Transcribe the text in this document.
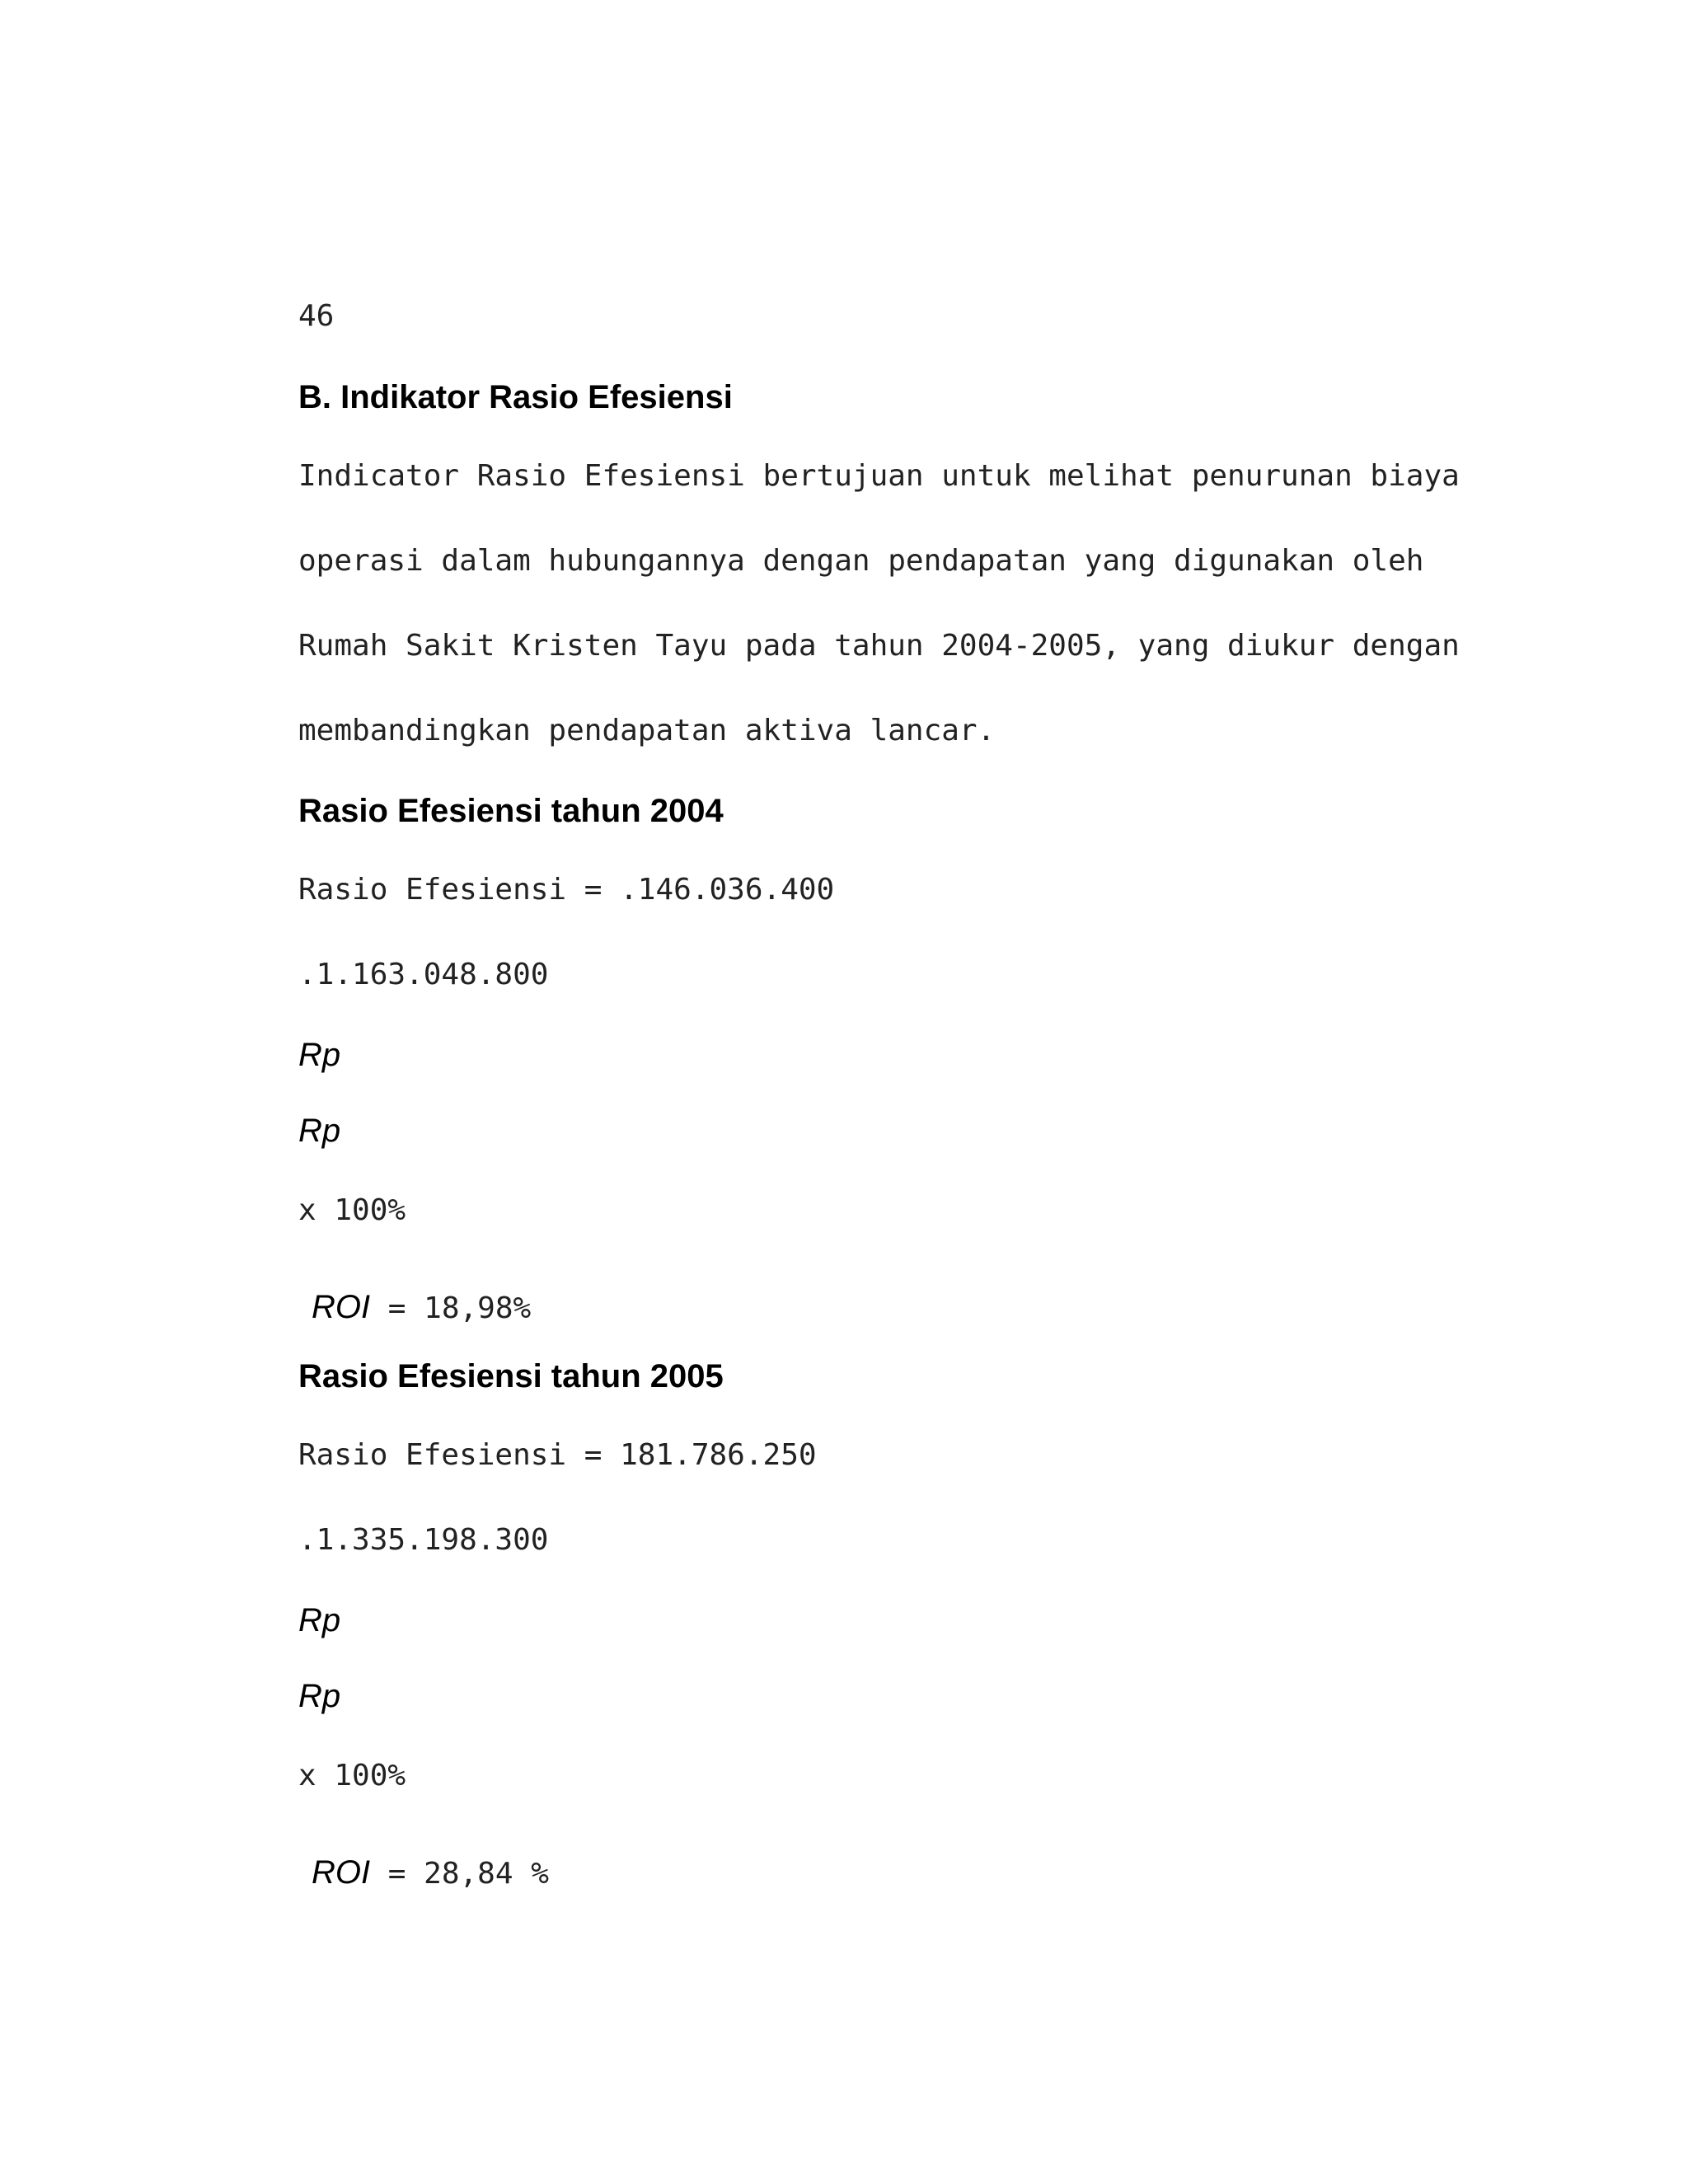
46
B. Indikator Rasio Efesiensi
Indicator Rasio Efesiensi bertujuan untuk melihat penurunan biaya
operasi dalam hubungannya dengan pendapatan yang digunakan oleh
Rumah Sakit Kristen Tayu pada tahun 2004-2005, yang diukur dengan
membandingkan pendapatan aktiva lancar.
Rasio Efesiensi tahun 2004
Rasio Efesiensi = .146.036.400
.1.163.048.800
Rp
Rp
x 100%

ROI = 18,98%

Rasio Efesiensi tahun 2005
Rasio Efesiensi = 181.786.250
.1.335.198.300
Rp
Rp
x 100%

ROI = 28,84 %
